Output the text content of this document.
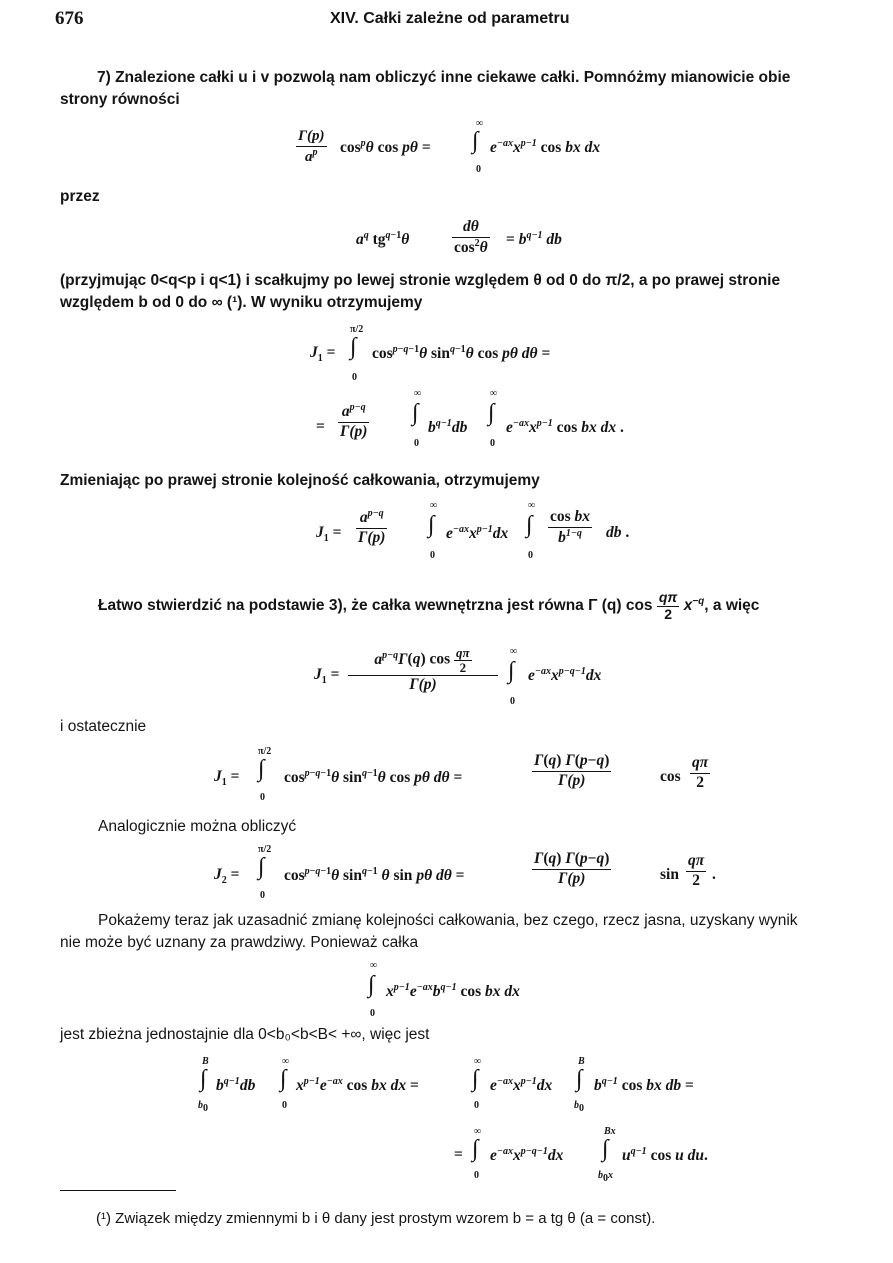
676	XIV. Całki zależne od parametru
7) Znalezione całki u i v pozwolą nam obliczyć inne ciekawe całki. Pomnóżmy mianowicie obie
strony równości
$\frac{\Gamma(p)}{a^p} \cos^p\theta$ cos pθ =
∞
∫
0
$e^{-ax}x^{p-1}$ cos bx dx
przez
$a^q$ $tg^{q-1}\theta$	$\frac{d\theta}{\cos^2\theta} = b^{q-1}$ db
(przyjmując 0<q<p i q<1) i scałkujmy po lewej stronie względem θ od 0 do π/2, a po prawej stronie
względem b od 0 do ∞ (¹). W wyniku otrzymujemy
$J_1$ =
π/2
∫
0
$\cos^{p-q-1}\theta$ $\sin^{q-1}\theta$ cos pθ dθ =
= $\frac{a^{p-q}}{\Gamma(p)}$
∞
∫
0
$b^{q-1}db$
∞
∫
0
$e^{-ax}x^{p-1}$ cos bx dx .
Zmieniając po prawej stronie kolejność całkowania, otrzymujemy
$J_1 = \frac{a^{p-q}}{\Gamma(p)}$
∞
∫
0
$e^{-ax}x^{p-1}dx$
∞
∫
0
$\frac{\text{cos bx}}{b^{1-q}}$ db .
Łatwo stwierdzić na podstawie 3), że całka wewnętrzna jest równa Γ (q) $\cos \frac{q\pi}{2} x^{-q}$, a więc
$J_1 = \frac{a^{p-q}\Gamma(q) \cos \frac{q\pi}{2}}{\Gamma(p)}$ ∞
∫
0
$e^{-ax}x^{p-q-1}dx$
i ostatecznie
$J_1$ =
π/2
∫
0
$\cos^{p-q-1}\theta$ $\sin^{q-1}\theta$ cos pθ dθ =	$\frac{\Gamma(q) \Gamma(p-q)}{\Gamma(p)}$	$\cos \frac{q\pi}{2}$
Analogicznie można obliczyć
$J_2$ =
π/2
∫
0
$\cos^{p-q-1}\theta$ $\sin^{q-1} \theta$ sin pθ dθ =	$\frac{\Gamma(q) \Gamma(p-q)}{\Gamma(p)}$	$\sin \frac{q\pi}{2}$ .
Pokażemy teraz jak uzasadnić zmianę kolejności całkowania, bez czego, rzecz jasna, uzyskany wynik
nie może być uznany za prawdziwy. Ponieważ całka
∞
∫
0
$x^{p-1}e^{-ax}b^{q-1}$ cos bx dx
jest zbieżna jednostajnie dla 0<b₀<b<B< +∞, więc jest
B
∫
$b_0$
$b^{q-1}db$
∞
∫
0
$x^{p-1}e^{-ax}$ cos bx dx =
∞
∫
0
$e^{-ax}x^{p-1}dx$
B
∫
$b_0$
$b^{q-1}$ cos bx db =
=
∞
∫
0
$e^{-ax}x^{p-q-1}dx$
Bx
∫
$b_0x$
$u^{q-1}$ cos u du.
(¹) Związek między zmiennymi b i θ dany jest prostym wzorem b = a tg θ (a = const).
